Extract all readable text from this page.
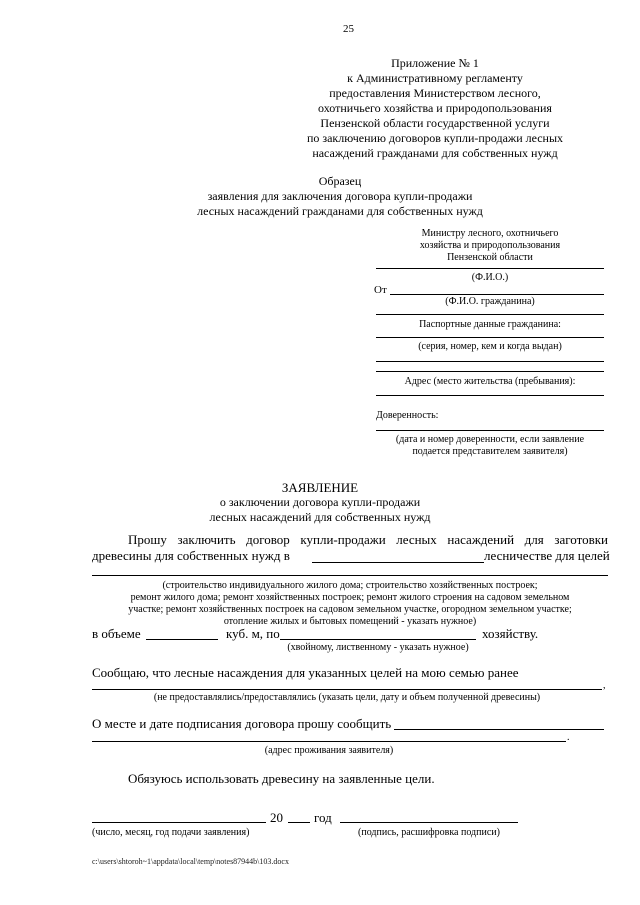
25
Приложение № 1
к Административному регламенту
предоставления Министерством лесного,
охотничьего хозяйства и природопользования
Пензенской области государственной услуги
по заключению договоров купли-продажи лесных
насаждений гражданами для собственных нужд
Образец
заявления для заключения договора купли-продажи
лесных насаждений гражданами для собственных нужд
Министру лесного, охотничьего
хозяйства и природопользования
Пензенской области
(Ф.И.О.)
От
(Ф.И.О. гражданина)
Паспортные данные гражданина:
(серия, номер, кем и когда выдан)
Адрес (место жительства (пребывания):
Доверенность:
(дата и номер доверенности, если заявление
подается представителем заявителя)
ЗАЯВЛЕНИЕ
о заключении договора купли-продажи
лесных насаждений для собственных нужд
Прошу заключить договор купли-продажи лесных насаждений для заготовки
древесины для собственных нужд в	лесничестве для целей
(строительство индивидуального жилого дома; строительство хозяйственных построек;
ремонт жилого дома; ремонт хозяйственных построек; ремонт жилого строения на садовом земельном
участке; ремонт хозяйственных построек на садовом земельном участке, огородном земельном участке;
отопление жилых и бытовых помещений - указать нужное)
в объеме	куб. м, по	хозяйству.
(хвойному, лиственному - указать нужное)
Сообщаю, что лесные насаждения для указанных целей на мою семью ранее
,
(не предоставлялись/предоставлялись (указать цели, дату и объем полученной древесины)
О месте и дате подписания договора прошу сообщить
.
(адрес проживания заявителя)
Обязуюсь использовать древесину на заявленные цели.
20 год
(число, месяц, год подачи заявления)	(подпись, расшифровка подписи)
c:\users\shtoroh~1\appdata\local\temp\notes87944b\103.docx
